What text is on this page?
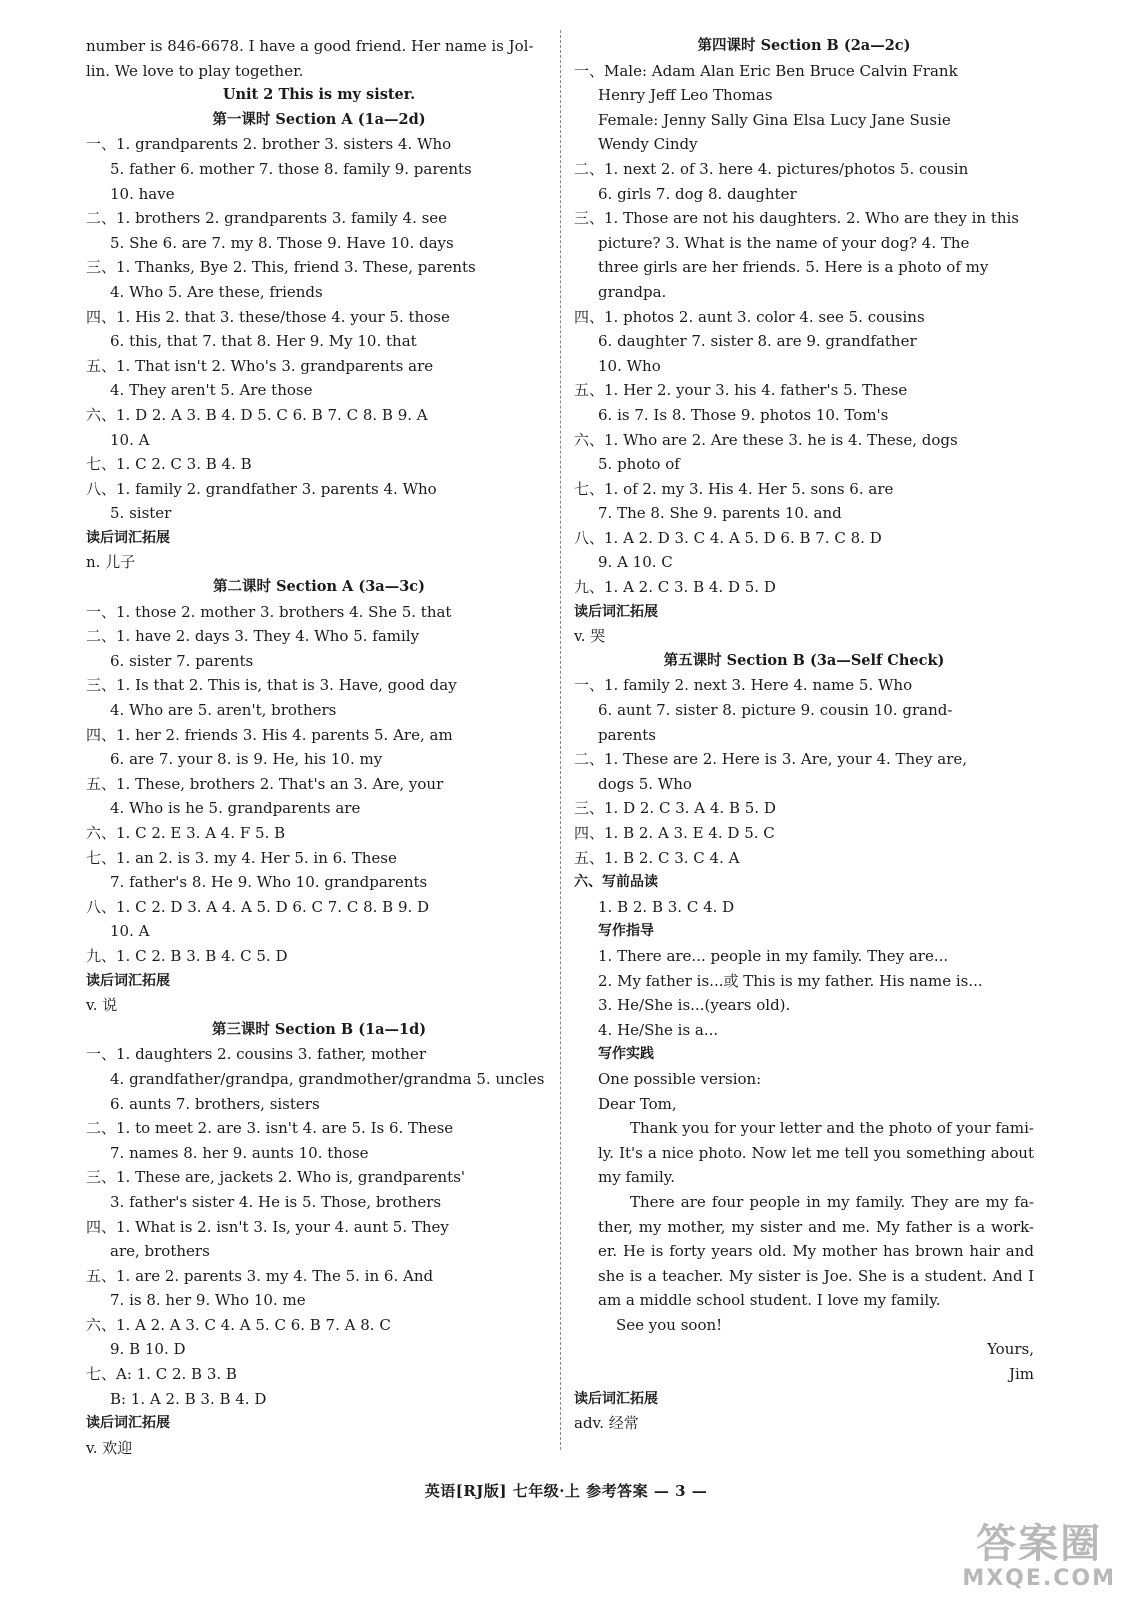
number is 846-6678. I have a good friend. Her name is Jol-
lin. We love to play together.
Unit 2 This is my sister.
第一课时 Section A (1a—2d)
一、1. grandparents 2. brother 3. sisters 4. Who
5. father 6. mother 7. those 8. family 9. parents
10. have
二、1. brothers 2. grandparents 3. family 4. see
5. She 6. are 7. my 8. Those 9. Have 10. days
三、1. Thanks, Bye 2. This, friend 3. These, parents
4. Who 5. Are these, friends
四、1. His 2. that 3. these/those 4. your 5. those
6. this, that 7. that 8. Her 9. My 10. that
五、1. That isn't 2. Who's 3. grandparents are
4. They aren't 5. Are those
六、1. D 2. A 3. B 4. D 5. C 6. B 7. C 8. B 9. A
10. A
七、1. C 2. C 3. B 4. B
八、1. family 2. grandfather 3. parents 4. Who
5. sister
读后词汇拓展
n. 儿子
第二课时 Section A (3a—3c)
一、1. those 2. mother 3. brothers 4. She 5. that
二、1. have 2. days 3. They 4. Who 5. family
6. sister 7. parents
三、1. Is that 2. This is, that is 3. Have, good day
4. Who are 5. aren't, brothers
四、1. her 2. friends 3. His 4. parents 5. Are, am
6. are 7. your 8. is 9. He, his 10. my
五、1. These, brothers 2. That's an 3. Are, your
4. Who is he 5. grandparents are
六、1. C 2. E 3. A 4. F 5. B
七、1. an 2. is 3. my 4. Her 5. in 6. These
7. father's 8. He 9. Who 10. grandparents
八、1. C 2. D 3. A 4. A 5. D 6. C 7. C 8. B 9. D
10. A
九、1. C 2. B 3. B 4. C 5. D
读后词汇拓展
v. 说
第三课时 Section B (1a—1d)
一、1. daughters 2. cousins 3. father, mother
4. grandfather/grandpa, grandmother/grandma 5. uncles
6. aunts 7. brothers, sisters
二、1. to meet 2. are 3. isn't 4. are 5. Is 6. These
7. names 8. her 9. aunts 10. those
三、1. These are, jackets 2. Who is, grandparents'
3. father's sister 4. He is 5. Those, brothers
四、1. What is 2. isn't 3. Is, your 4. aunt 5. They
are, brothers
五、1. are 2. parents 3. my 4. The 5. in 6. And
7. is 8. her 9. Who 10. me
六、1. A 2. A 3. C 4. A 5. C 6. B 7. A 8. C
9. B 10. D
七、A: 1. C 2. B 3. B
B: 1. A 2. B 3. B 4. D
读后词汇拓展
v. 欢迎
第四课时 Section B (2a—2c)
一、Male: Adam Alan Eric Ben Bruce Calvin Frank
Henry Jeff Leo Thomas
Female: Jenny Sally Gina Elsa Lucy Jane Susie
Wendy Cindy
二、1. next 2. of 3. here 4. pictures/photos 5. cousin
6. girls 7. dog 8. daughter
三、1. Those are not his daughters. 2. Who are they in this
picture? 3. What is the name of your dog? 4. The
three girls are her friends. 5. Here is a photo of my
grandpa.
四、1. photos 2. aunt 3. color 4. see 5. cousins
6. daughter 7. sister 8. are 9. grandfather
10. Who
五、1. Her 2. your 3. his 4. father's 5. These
6. is 7. Is 8. Those 9. photos 10. Tom's
六、1. Who are 2. Are these 3. he is 4. These, dogs
5. photo of
七、1. of 2. my 3. His 4. Her 5. sons 6. are
7. The 8. She 9. parents 10. and
八、1. A 2. D 3. C 4. A 5. D 6. B 7. C 8. D
9. A 10. C
九、1. A 2. C 3. B 4. D 5. D
读后词汇拓展
v. 哭
第五课时 Section B (3a—Self Check)
一、1. family 2. next 3. Here 4. name 5. Who
6. aunt 7. sister 8. picture 9. cousin 10. grand-
parents
二、1. These are 2. Here is 3. Are, your 4. They are,
dogs 5. Who
三、1. D 2. C 3. A 4. B 5. D
四、1. B 2. A 3. E 4. D 5. C
五、1. B 2. C 3. C 4. A
六、写前品读
1. B 2. B 3. C 4. D
写作指导
1. There are... people in my family. They are...
2. My father is...或 This is my father. His name is...
3. He/She is...(years old).
4. He/She is a...
写作实践
One possible version:
Dear Tom,
Thank you for your letter and the photo of your fami-ly. It's a nice photo. Now let me tell you something about my family.
There are four people in my family. They are my fa-ther, my mother, my sister and me. My father is a work-er. He is forty years old. My mother has brown hair and she is a teacher. My sister is Joe. She is a student. And I am a middle school student. I love my family.
See you soon!
Yours,
Jim
读后词汇拓展
adv. 经常
英语[RJ版] 七年级·上 参考答案 — 3 —
答案圈
MXQE.COM
